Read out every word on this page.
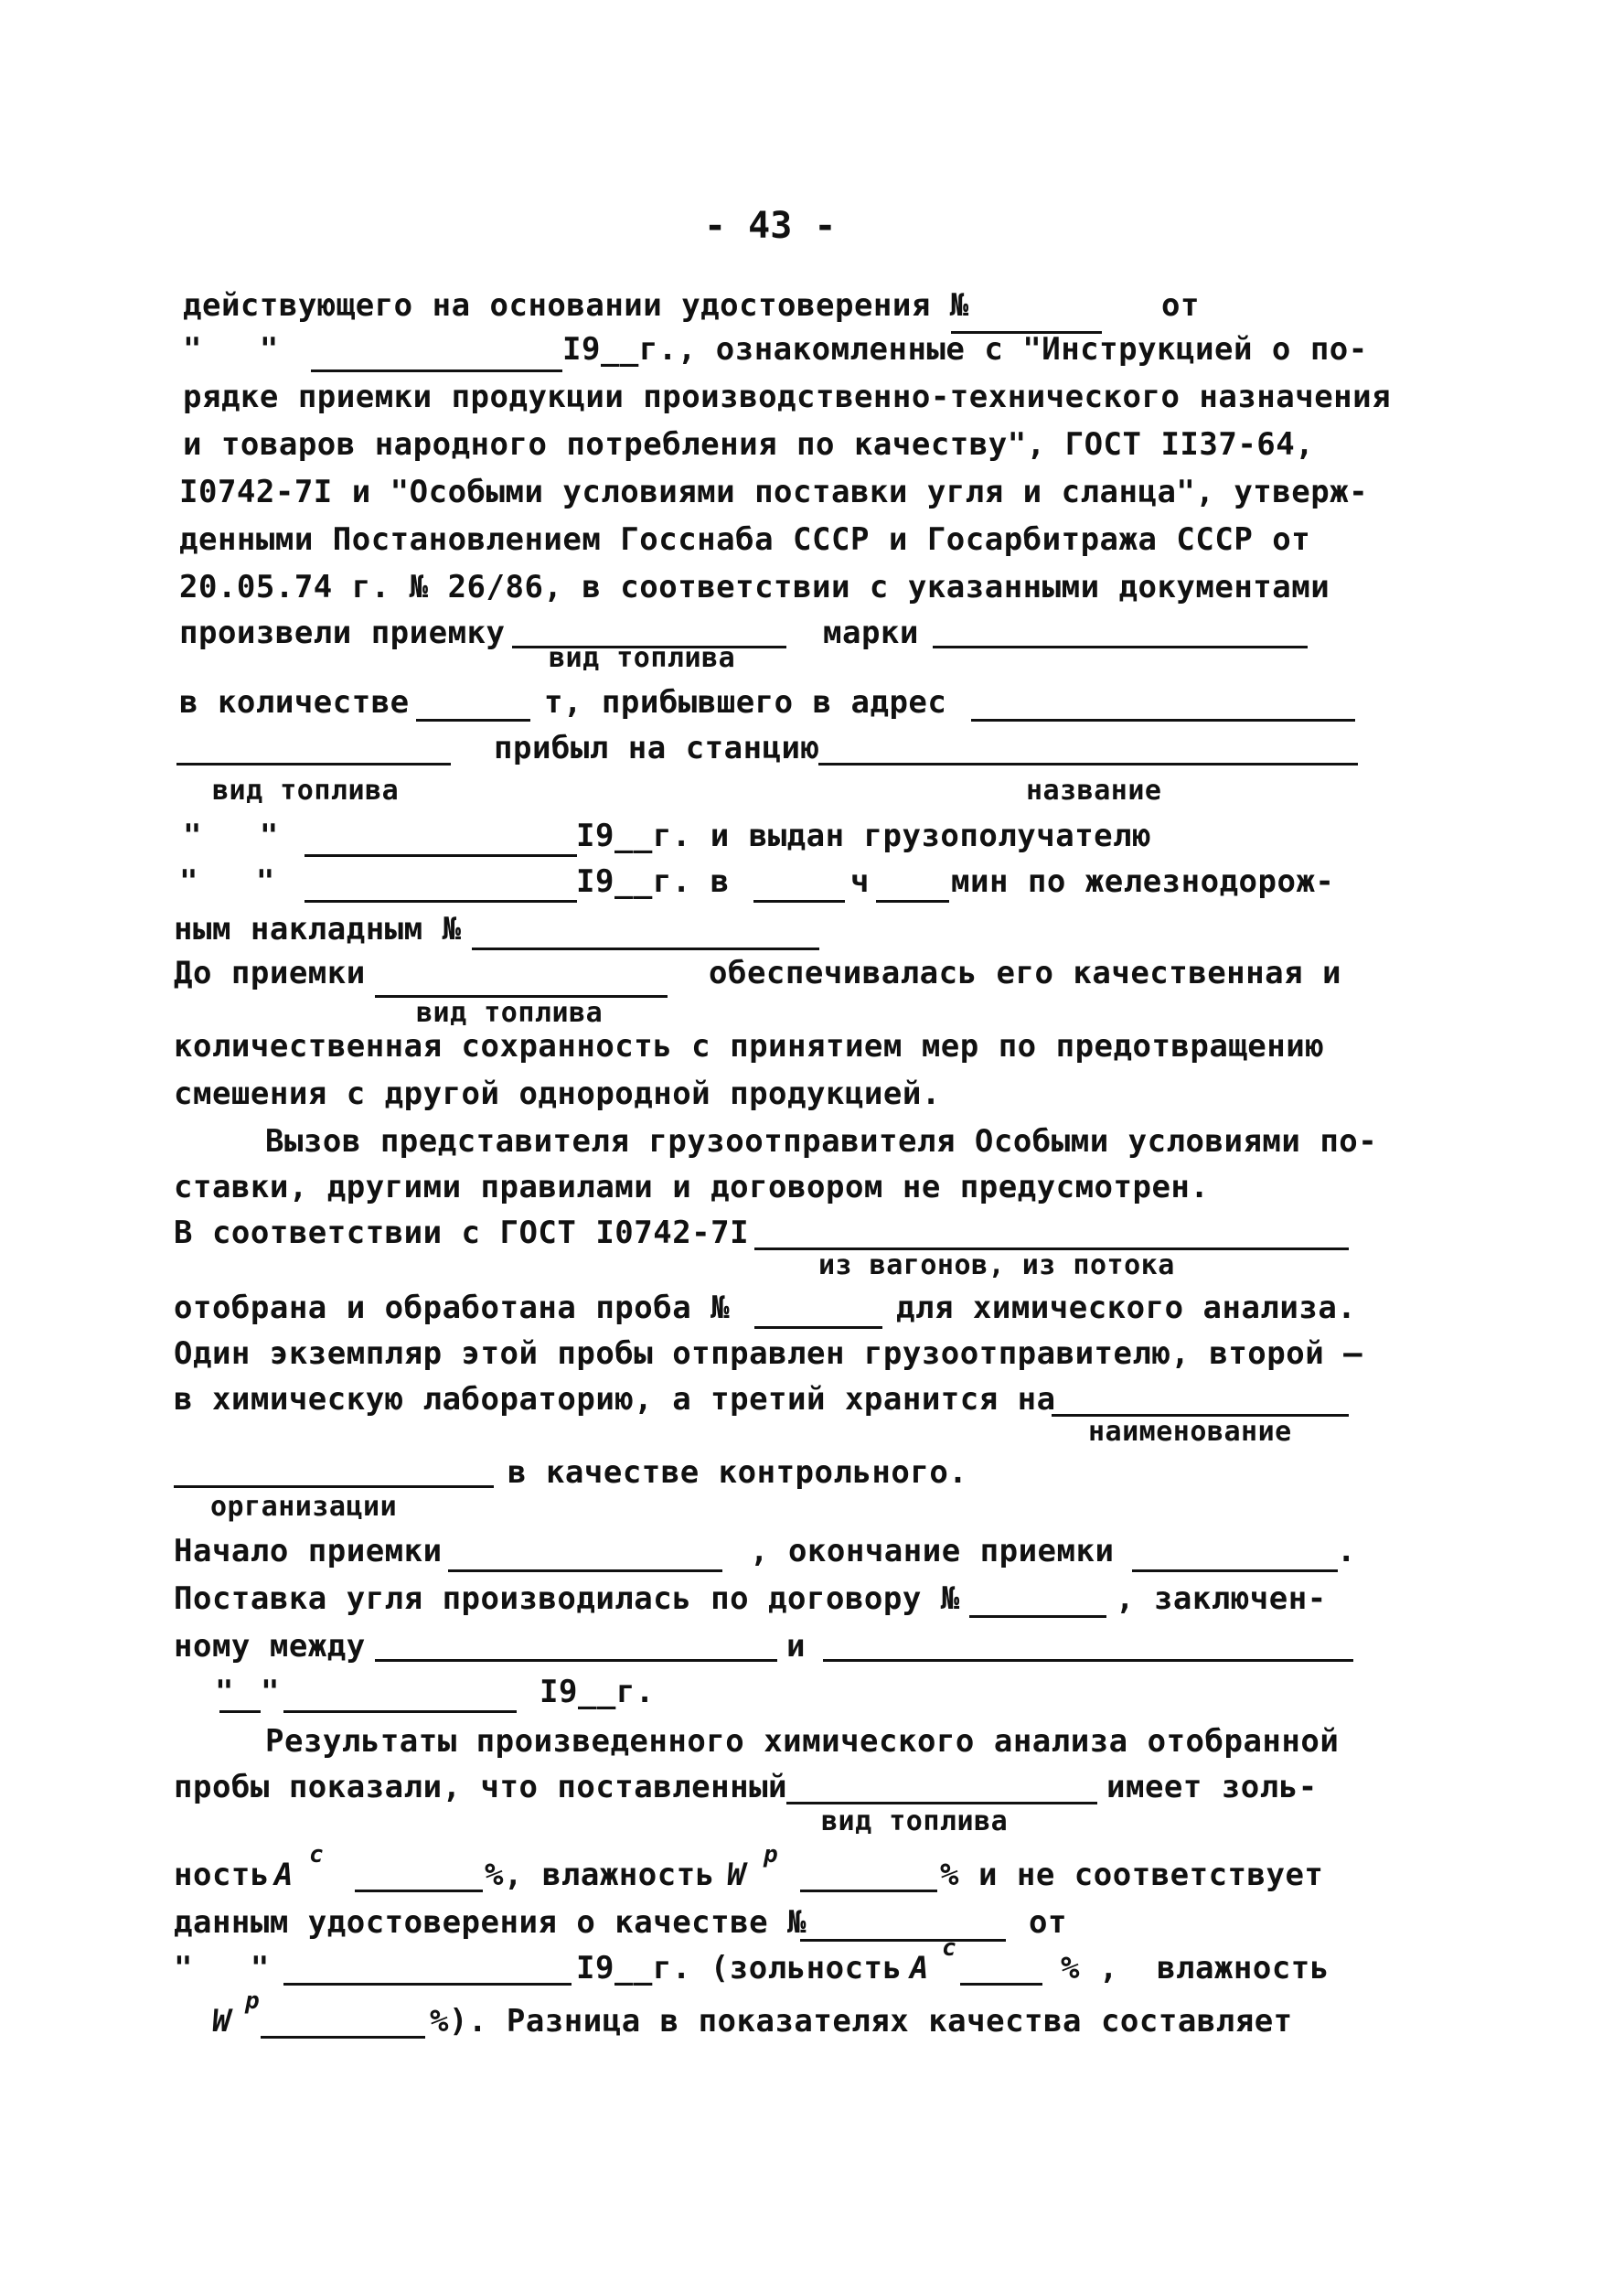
- 43 -
действующего на основании удостоверения №	от
"   "	I9__г., ознакомленные с "Инструкцией о по-
рядке приемки продукции производственно-технического назначения
и товаров народного потребления по качеству", ГОСТ II37-64,
I0742-7I и "Особыми условиями поставки угля и сланца", утверж-
денными Постановлением Госснаба СССР и Госарбитража СССР от
20.05.74 г. № 26/86, в соответствии с указанными документами
произвели приемку	марки
вид топлива
в количестве	т, прибывшего в адрес
прибыл на станцию
вид топлива	название
"   "	I9__г. и выдан грузополучателю
"   "	I9__г. в	ч	мин по железнодорож-
ным накладным №
До приемки	обеспечивалась его качественная и
вид топлива
количественная сохранность с принятием мер по предотвращению
смешения с другой однородной продукцией.
Вызов представителя грузоотправителя Особыми условиями по-
ставки, другими правилами и договором не предусмотрен.
В соответствии с ГОСТ I0742-7I
из вагонов, из потока
отобрана и обработана проба №	для химического анализа.
Один экземпляр этой пробы отправлен грузоотправителю, второй –
в химическую лабораторию, а третий хранится на
наименование
в качестве контрольного.
организации
Начало приемки	, окончание приемки	.
Поставка угля производилась по договору №	, заключен-
ному между	и
" "	I9__г.
Результаты произведенного химического анализа отобранной
пробы показали, что поставленный	имеет золь-
вид топлива
ность A
c
%, влажность W
p
% и не соответствует
данным удостоверения о качестве №	от
"   "	I9__г. (зольность A
c
% , влажность
W
p
%). Разница в показателях качества составляет
